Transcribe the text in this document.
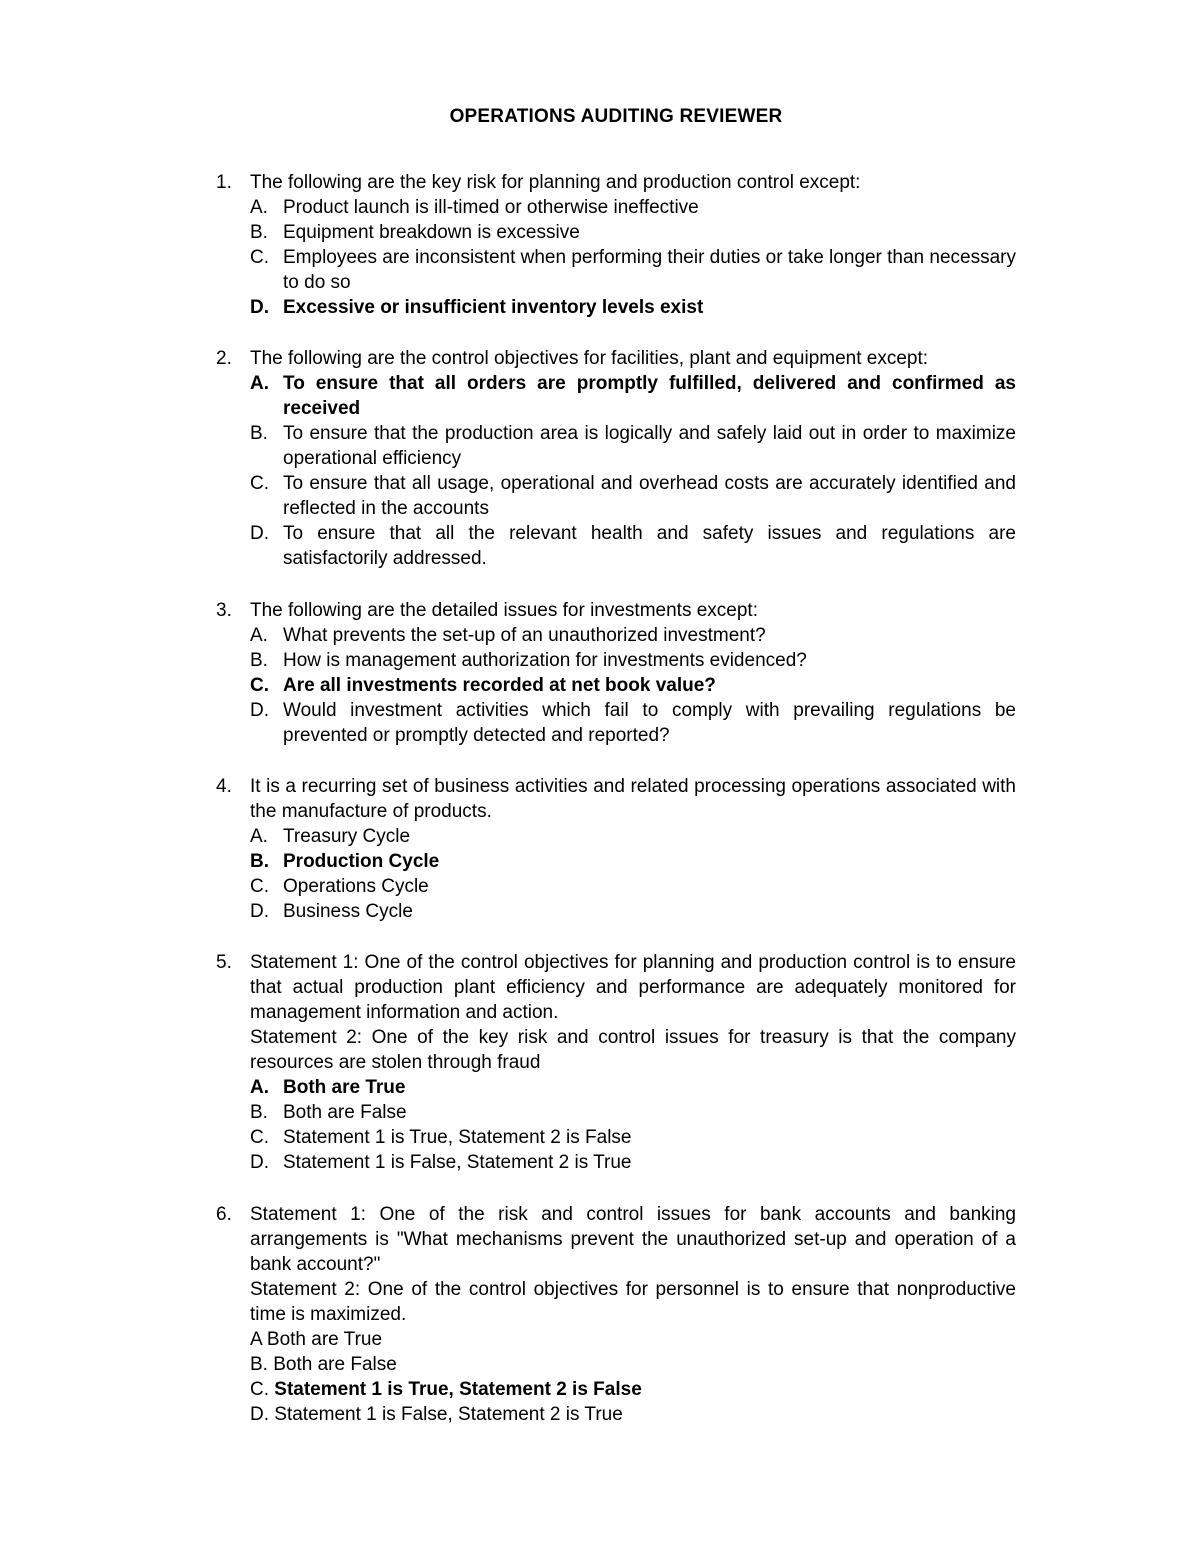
OPERATIONS AUDITING REVIEWER
1. The following are the key risk for planning and production control except:
A. Product launch is ill-timed or otherwise ineffective
B. Equipment breakdown is excessive
C. Employees are inconsistent when performing their duties or take longer than necessary to do so
D. Excessive or insufficient inventory levels exist
2. The following are the control objectives for facilities, plant and equipment except:
A. To ensure that all orders are promptly fulfilled, delivered and confirmed as received
B. To ensure that the production area is logically and safely laid out in order to maximize operational efficiency
C. To ensure that all usage, operational and overhead costs are accurately identified and reflected in the accounts
D. To ensure that all the relevant health and safety issues and regulations are satisfactorily addressed.
3. The following are the detailed issues for investments except:
A. What prevents the set-up of an unauthorized investment?
B. How is management authorization for investments evidenced?
C. Are all investments recorded at net book value?
D. Would investment activities which fail to comply with prevailing regulations be prevented or promptly detected and reported?
4. It is a recurring set of business activities and related processing operations associated with the manufacture of products.
A. Treasury Cycle
B. Production Cycle
C. Operations Cycle
D. Business Cycle
5. Statement 1: One of the control objectives for planning and production control is to ensure that actual production plant efficiency and performance are adequately monitored for management information and action.

Statement 2: One of the key risk and control issues for treasury is that the company resources are stolen through fraud

A. Both are True
B. Both are False
C. Statement 1 is True, Statement 2 is False
D. Statement 1 is False, Statement 2 is True
6. Statement 1: One of the risk and control issues for bank accounts and banking arrangements is "What mechanisms prevent the unauthorized set-up and operation of a bank account?"

Statement 2: One of the control objectives for personnel is to ensure that nonproductive time is maximized.

A Both are True
B. Both are False
C. Statement 1 is True, Statement 2 is False
D. Statement 1 is False, Statement 2 is True
